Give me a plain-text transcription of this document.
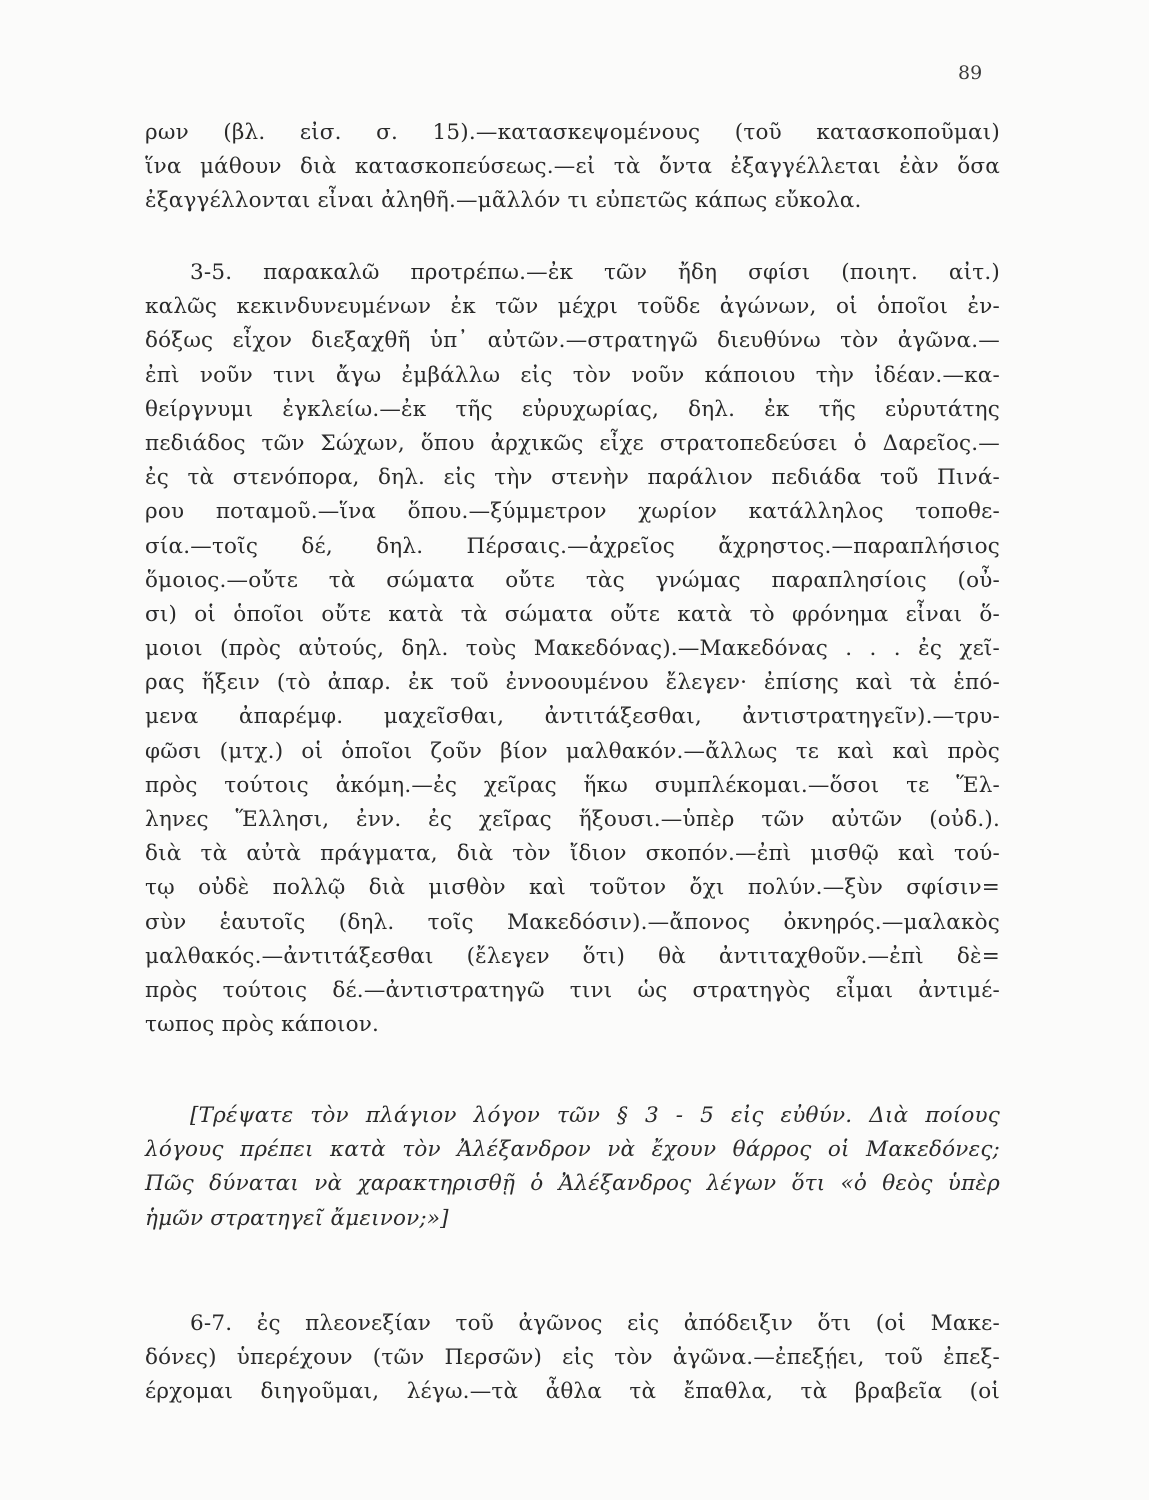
89
ρων (βλ. εἰσ. σ. 15).—κατασκεψομένους (τοῦ κατασκοποῦμαι)
ἵνα μάθουν διὰ κατασκοπεύσεως.—εἰ τὰ ὄντα ἐξαγγέλλεται ἐὰν ὅσα
ἐξαγγέλλονται εἶναι ἀληθῆ.—μᾶλλόν τι εὐπετῶς κάπως εὔκολα.
3-5. παρακαλῶ προτρέπω.—ἐκ τῶν ἤδη σφίσι (ποιητ. αἰτ.)
καλῶς κεκινδυνευμένων ἐκ τῶν μέχρι τοῦδε ἀγώνων, οἱ ὁποῖοι ἐν-
δόξως εἶχον διεξαχθῆ ὑπ᾽ αὐτῶν.—στρατηγῶ διευθύνω τὸν ἀγῶνα.—
ἐπὶ νοῦν τινι ἄγω ἐμβάλλω εἰς τὸν νοῦν κάποιου τὴν ἰδέαν.—κα-
θείργνυμι ἐγκλείω.—ἐκ τῆς εὐρυχωρίας, δηλ. ἐκ τῆς εὐρυτάτης
πεδιάδος τῶν Σώχων, ὅπου ἀρχικῶς εἶχε στρατοπεδεύσει ὁ Δαρεῖος.—
ἐς τὰ στενόπορα, δηλ. εἰς τὴν στενὴν παράλιον πεδιάδα τοῦ Πινά-
ρου ποταμοῦ.—ἵνα ὅπου.—ξύμμετρον χωρίον κατάλληλος τοποθε-
σία.—τοῖς δέ, δηλ. Πέρσαις.—ἀχρεῖος ἄχρηστος.—παραπλήσιος
ὅμοιος.—οὔτε τὰ σώματα οὔτε τὰς γνώμας παραπλησίοις (οὖ-
σι) οἱ ὁποῖοι οὔτε κατὰ τὰ σώματα οὔτε κατὰ τὸ φρόνημα εἶναι ὅ-
μοιοι (πρὸς αὐτούς, δηλ. τοὺς Μακεδόνας).—Μακεδόνας . . . ἐς χεῖ-
ρας ἥξειν (τὸ ἀπαρ. ἐκ τοῦ ἐννοουμένου ἔλεγεν· ἐπίσης καὶ τὰ ἑπό-
μενα ἀπαρέμφ. μαχεῖσθαι, ἀντιτάξεσθαι, ἀντιστρατηγεῖν).—τρυ-
φῶσι (μτχ.) οἱ ὁποῖοι ζοῦν βίον μαλθακόν.—ἄλλως τε καὶ καὶ πρὸς
πρὸς τούτοις ἀκόμη.—ἐς χεῖρας ἥκω συμπλέκομαι.—ὅσοι τε Ἕλ-
ληνες Ἕλλησι, ἐνν. ἐς χεῖρας ἥξουσι.—ὑπὲρ τῶν αὐτῶν (οὐδ.).
διὰ τὰ αὐτὰ πράγματα, διὰ τὸν ἴδιον σκοπόν.—ἐπὶ μισθῷ καὶ τού-
τῳ οὐδὲ πολλῷ διὰ μισθὸν καὶ τοῦτον ὄχι πολύν.—ξὺν σφίσιν=
σὺν ἑαυτοῖς (δηλ. τοῖς Μακεδόσιν).—ἄπονος ὀκνηρός.—μαλακὸς
μαλθακός.—ἀντιτάξεσθαι (ἔλεγεν ὅτι) θὰ ἀντιταχθοῦν.—ἐπὶ δὲ=
πρὸς τούτοις δέ.—ἀντιστρατηγῶ τινι ὡς στρατηγὸς εἶμαι ἀντιμέ-
τωπος πρὸς κάποιον.
[Τρέψατε τὸν πλάγιον λόγον τῶν § 3 - 5 εἰς εὐθύν. Διὰ ποίους
λόγους πρέπει κατὰ τὸν Ἀλέξανδρον νὰ ἔχουν θάρρος οἱ Μακεδόνες;
Πῶς δύναται νὰ χαρακτηρισθῇ ὁ Ἀλέξανδρος λέγων ὅτι «ὁ θεὸς ὑπὲρ
ἡμῶν στρατηγεῖ ἄμεινον;»]
6-7. ἐς πλεονεξίαν τοῦ ἀγῶνος εἰς ἀπόδειξιν ὅτι (οἱ Μακε-
δόνες) ὑπερέχουν (τῶν Περσῶν) εἰς τὸν ἀγῶνα.—ἐπεξῄει, τοῦ ἐπεξ-
έρχομαι διηγοῦμαι, λέγω.—τὰ ἆθλα τὰ ἔπαθλα, τὰ βραβεῖα (οἱ
